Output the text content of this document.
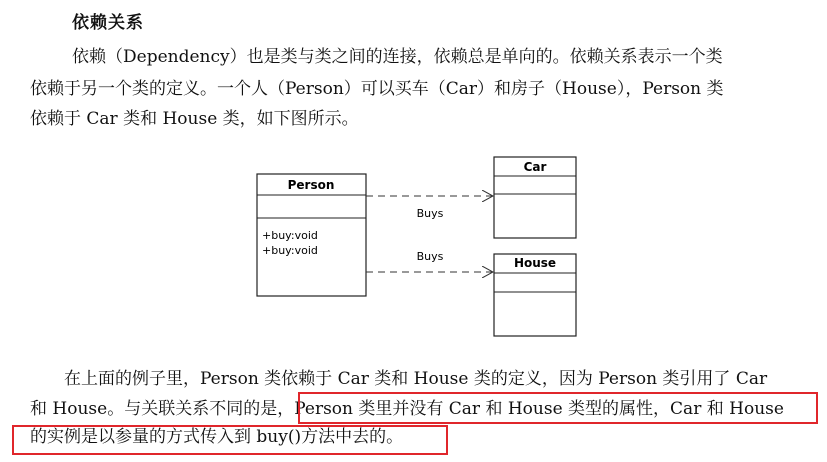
依赖关系
依赖（Dependency）也是类与类之间的连接，依赖总是单向的。依赖关系表示一个类
依赖于另一个类的定义。一个人（Person）可以买车（Car）和房子（House），Person 类
依赖于 Car 类和 House 类，如下图所示。
Person
+buy:void
+buy:void
Car
House
Buys
Buys
在上面的例子里，Person 类依赖于 Car 类和 House 类的定义，因为 Person 类引用了 Car
和 House。与关联关系不同的是，Person 类里并没有 Car 和 House 类型的属性，Car 和 House
的实例是以参量的方式传入到 buy()方法中去的。
